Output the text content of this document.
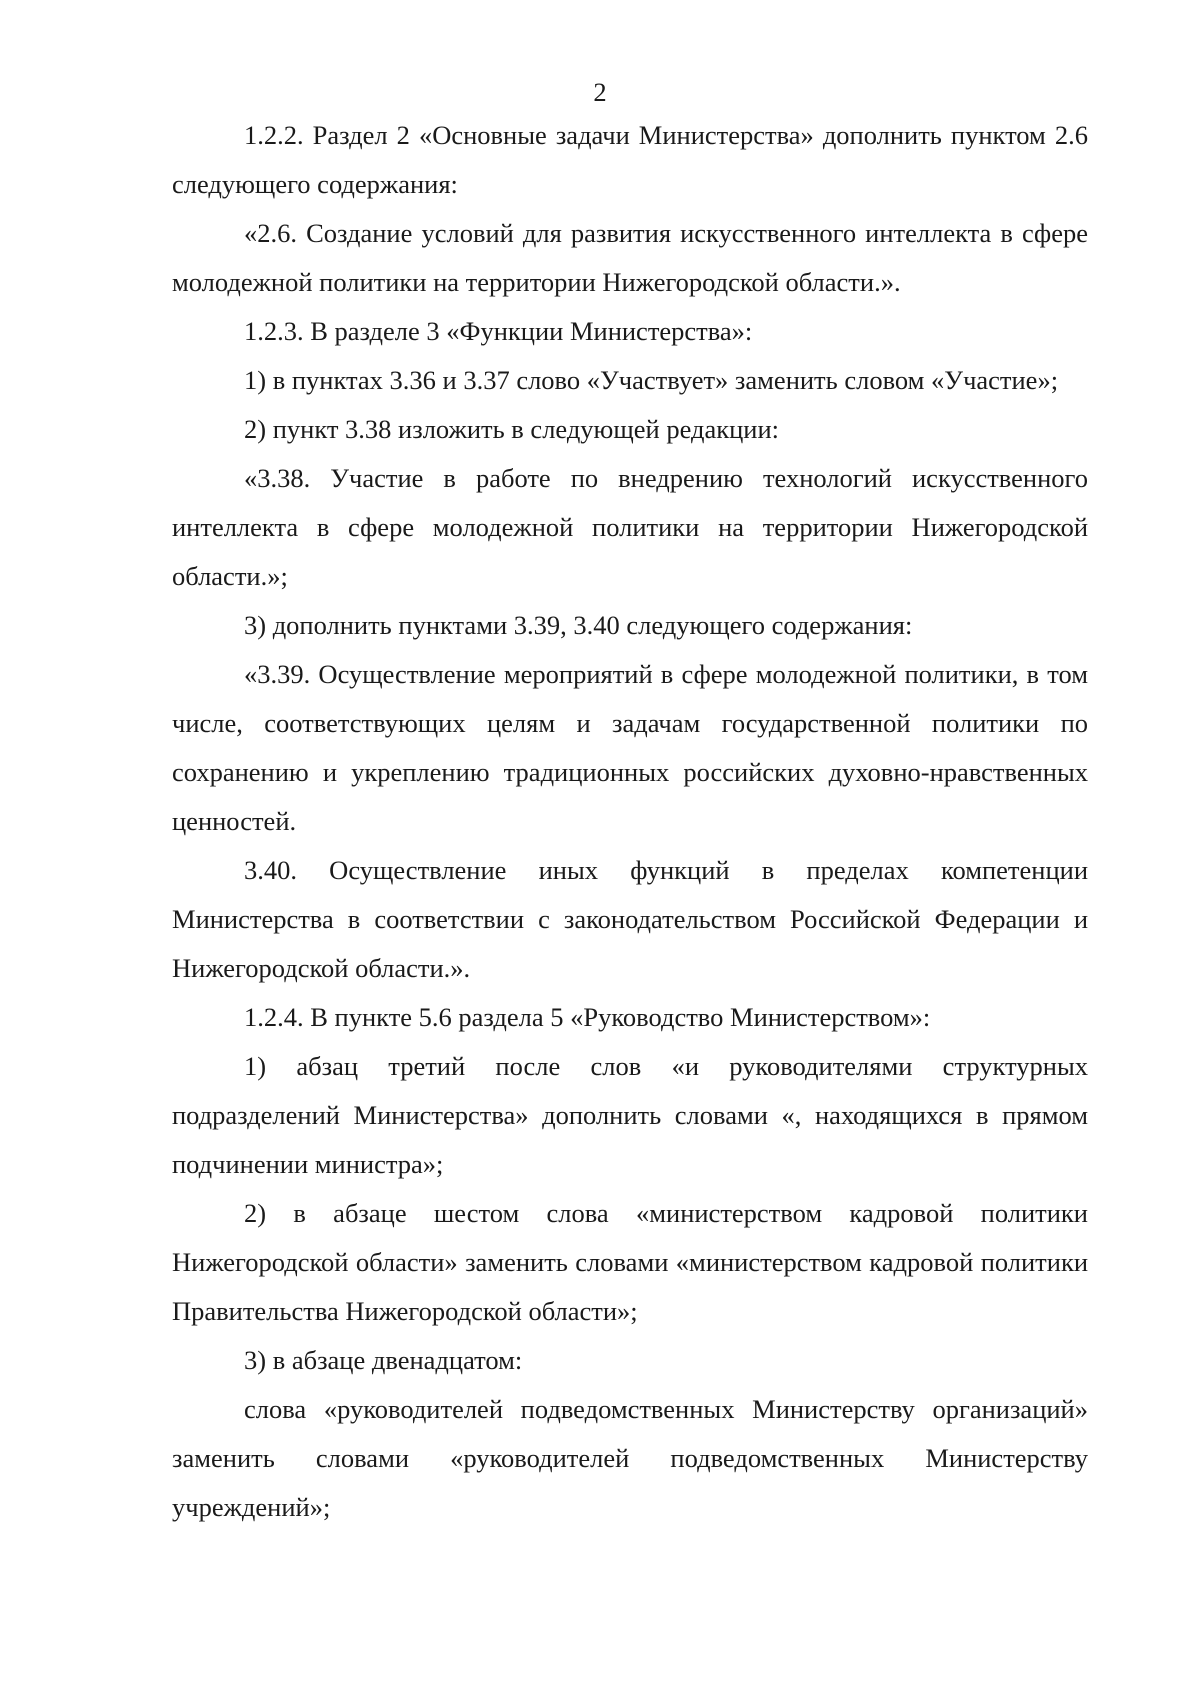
2

1.2.2. Раздел 2 «Основные задачи Министерства» дополнить пунктом 2.6 следующего содержания:

«2.6. Создание условий для развития искусственного интеллекта в сфере молодежной политики на территории Нижегородской области.».

1.2.3. В разделе 3 «Функции Министерства»:

1) в пунктах 3.36 и 3.37 слово «Участвует» заменить словом «Участие»;

2) пункт 3.38 изложить в следующей редакции:

«3.38. Участие в работе по внедрению технологий искусственного интеллекта в сфере молодежной политики на территории Нижегородской области.»;

3) дополнить пунктами 3.39, 3.40 следующего содержания:

«3.39. Осуществление мероприятий в сфере молодежной политики, в том числе, соответствующих целям и задачам государственной политики по сохранению и укреплению традиционных российских духовно-нравственных ценностей.

3.40. Осуществление иных функций в пределах компетенции Министерства в соответствии с законодательством Российской Федерации и Нижегородской области.».

1.2.4. В пункте 5.6 раздела 5 «Руководство Министерством»:

1) абзац третий после слов «и руководителями структурных подразделений Министерства» дополнить словами «, находящихся в прямом подчинении министра»;

2) в абзаце шестом слова «министерством кадровой политики Нижегородской области» заменить словами «министерством кадровой политики Правительства Нижегородской области»;

3) в абзаце двенадцатом:

слова «руководителей подведомственных Министерству организаций» заменить словами «руководителей подведомственных Министерству учреждений»;
